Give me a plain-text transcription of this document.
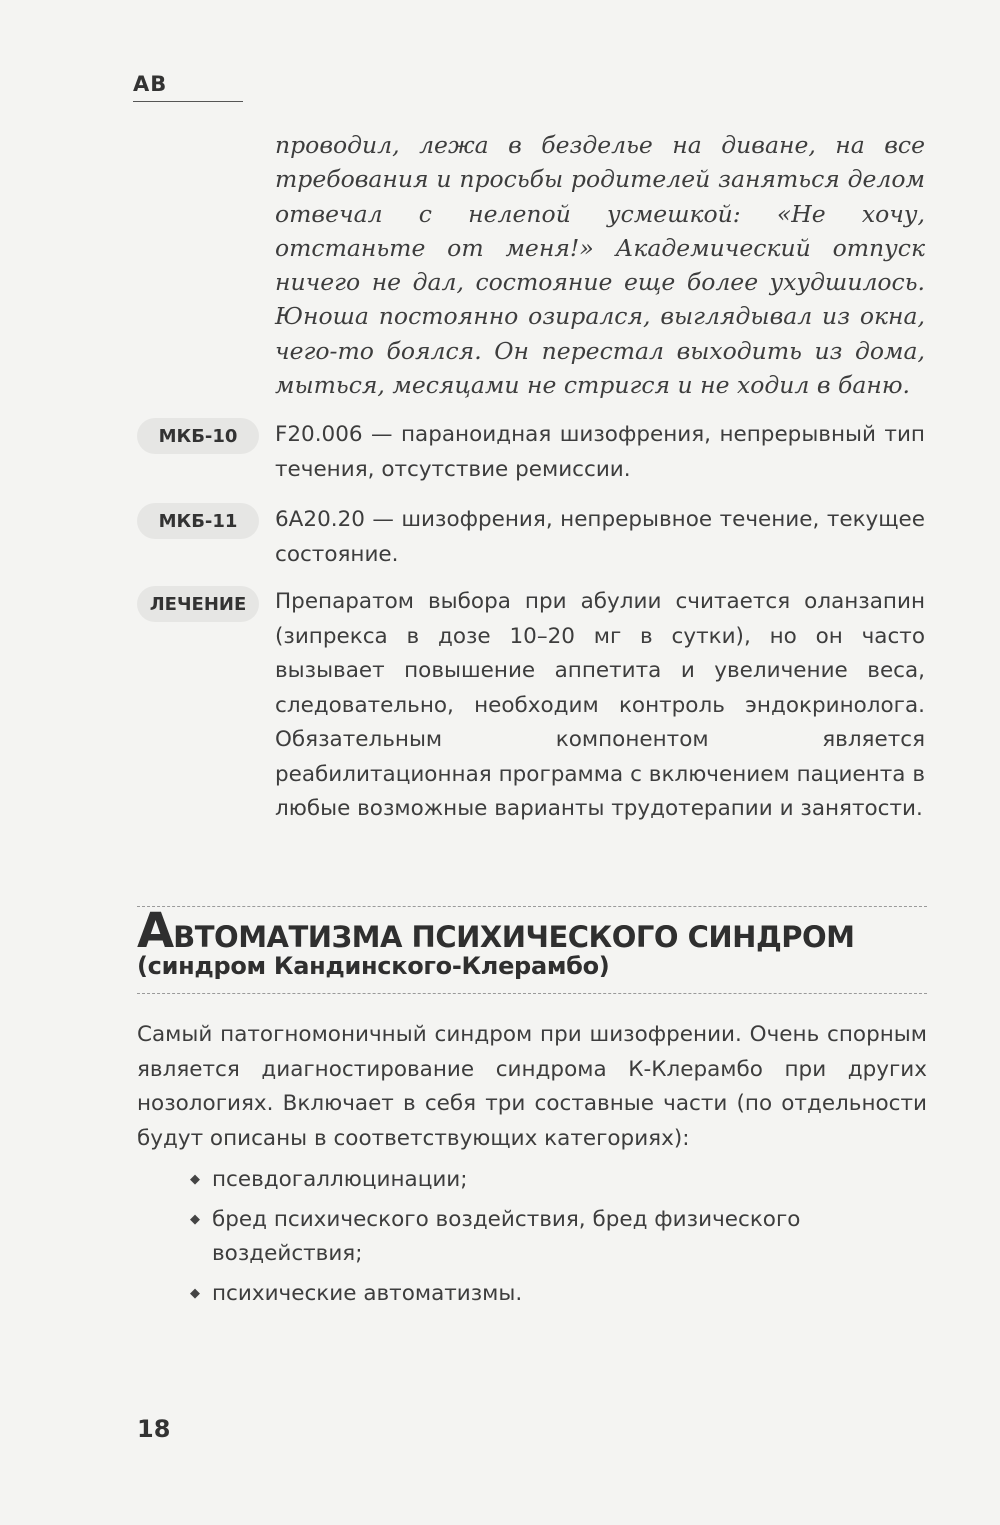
АВ

проводил, лежа в безделье на диване, на все требования и просьбы родителей заняться делом отвечал с нелепой усмешкой: «Не хочу, отстаньте от меня!» Академический отпуск ничего не дал, состояние еще более ухудшилось. Юноша постоянно озирался, выглядывал из окна, чего-то боялся. Он перестал выходить из дома, мыться, месяцами не стригся и не ходил в баню.

МКБ-10	F20.006 — параноидная шизофрения, непрерывный тип течения, отсутствие ремиссии.

МКБ-11	6A20.20 — шизофрения, непрерывное течение, текущее состояние.

ЛЕЧЕНИЕ	Препаратом выбора при абулии считается оланзапин (зипрекса в дозе 10–20 мг в сутки), но он часто вызывает повышение аппетита и увеличение веса, следовательно, необходим контроль эндокринолога. Обязательным компонентом является реабилитационная программа с включением пациента в любые возможные варианты трудотерапии и занятости.

АВТОМАТИЗМА ПСИХИЧЕСКОГО СИНДРОМ
(синдром Кандинского-Клерамбо)

Самый патогномоничный синдром при шизофрении. Очень спорным является диагностирование синдрома К-Клерамбо при других нозологиях. Включает в себя три составные части (по отдельности будут описаны в соответствующих категориях):

◆ псевдогаллюцинации;
◆ бред психического воздействия, бред физического воздействия;
◆ психические автоматизмы.
18
